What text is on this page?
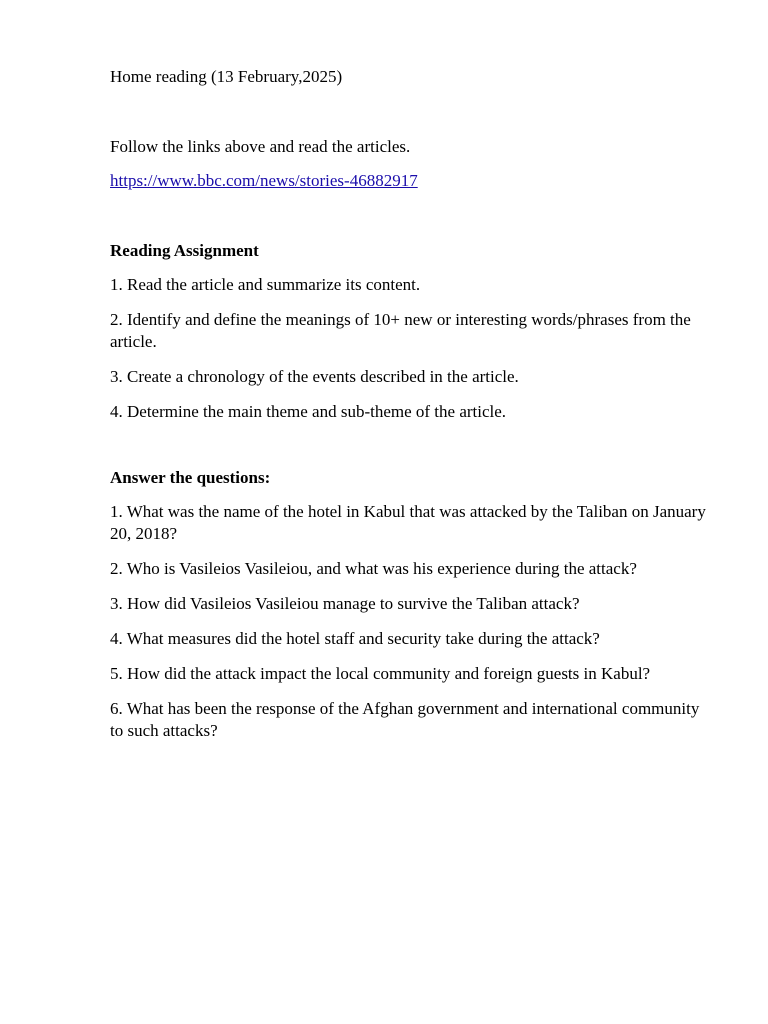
Home reading (13 February,2025)

Follow the links above and read the articles.

https://www.bbc.com/news/stories-46882917

Reading Assignment

1. Read the article and summarize its content.

2. Identify and define the meanings of 10+ new or interesting words/phrases from the article.

3. Create a chronology of the events described in the article.

4. Determine the main theme and sub-theme of the article.

Answer the questions:

1. What was the name of the hotel in Kabul that was attacked by the Taliban on January 20, 2018?

2. Who is Vasileios Vasileiou, and what was his experience during the attack?

3. How did Vasileios Vasileiou manage to survive the Taliban attack?

4. What measures did the hotel staff and security take during the attack?

5. How did the attack impact the local community and foreign guests in Kabul?

6. What has been the response of the Afghan government and international community to such attacks?
